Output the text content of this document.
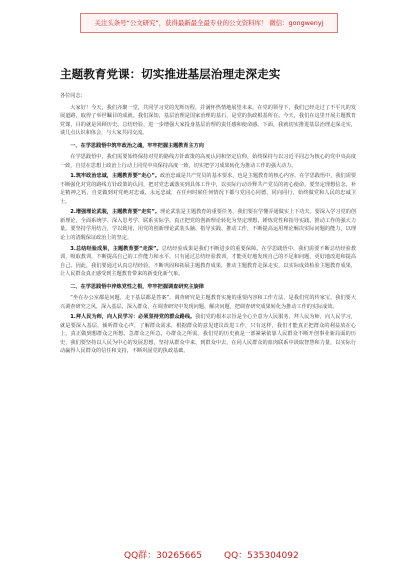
关注头条号“公文研究”，获得最新最全最专业的公文资料库！ 微信：gongwenyj
主题教育党课：切实推进基层治理走深走实

各位同志：

大家好！今天，我们齐聚一堂，共同学习党的光辉历程，并满怀热情地展望未来。在党的领导下，我们已经走过了不平凡的发展道路，取得了举世瞩目的成就。我们深知，基层治理是国家治理的基石，是党的执政根基所在。今天，我们在这里开展主题教育党课，目的就是回顾历史、总结经验，进一步增强大家投身基层治理的责任感和使命感。下面，我就切实推进基层治理走深走实，谈几点认识和体会，与大家共同交流。

一、在学思践悟中筑牢政治之魂，牢牢把握主题教育主方向

在学思践悟中，我们需要始终保持对党的路线方针政策的高度认同和坚定信仰，始终保持与以习近平同志为核心的党中央高度一致，自觉在思想上政治上行动上同党中央保持高度一致，切实把学习成果转化为推动工作的强大动力。

1.筑牢政治忠诚，主题教育要“走心”。政治忠诚是共产党员的基本要求，也是主题教育的核心内容。在学思践悟中，我们需要不断强化对党的路线方针政策的认同，把对党忠诚落实到具体工作中，以实际行动诠释共产党员的初心使命。要坚定理想信念，补足精神之钙，自觉做到对党绝对忠诚、永远忠诚，在任何时候任何情况下都与党同心同德、同向同行，始终做党和人民的忠诚卫士。

2.增强理论武装，主题教育要“走实”。理论武装是主题教育的重要任务，我们要在学懂弄通做实上下功夫。要深入学习党的创新理论，全面系统学、深入思考学、联系实际学，真正把党的创新理论转化为坚定理想、锤炼党性和指导实践、推动工作的强大力量。要坚持学用结合，学以致用，用党的创新理论武装头脑、指导实践、推动工作，不断提高运用理论解决实际问题的能力，以理论上的清醒保证政治上的坚定。

3.总结经验成果，主题教育要“走深”。总结经验成果是我们不断进步的重要保障。在学思践悟中，我们需要不断总结经验教训，吸取教训，不断提高自己的工作能力和水平。只有通过总结经验教训，才能更好地发现自己的不足和问题，更好地改进和提高自己。因此，我们要通过认真总结经验，不断巩固和拓展主题教育成果，推动主题教育走深走实，以实际成效检验主题教育成果，让人民群众真正感受到主题教育带来的新变化新气象。

二、在学思践悟中淬炼党性之根，牢牢把握调查研究主旋律

“坐在办公室都是问题，走下基层都是答案”。调查研究是主题教育实施的重要内容和工作方法，是我们党的传家宝。我们要大兴调查研究之风，深入基层、深入群众，在调查研究中发现问题、解决问题，把调查研究成果转化为推动工作的实际成效。

1.拜人民为师，向人民学习：必须坚持党的群众路线。我们党的根本宗旨是全心全意为人民服务，拜人民为师，向人民学习，就是要深入基层、倾听群众心声，了解群众需求，根据群众的意见建议改进工作，只有这样，我们才能真正把群众的利益放在心上，真正做到想群众之所想、急群众之所急、办群众之所需。我们党的历史就是一部紧紧依靠人民群众不断开创事业新局面的历史，我们要坚持以人民为中心的发展思想，坚持从群众中来、到群众中去，在同人民群众的血肉联系中汲取智慧和力量，以实际行动赢得人民群众的信任和支持，不断巩固党的执政基础。

QQ群：30265665 QQ：535304092
